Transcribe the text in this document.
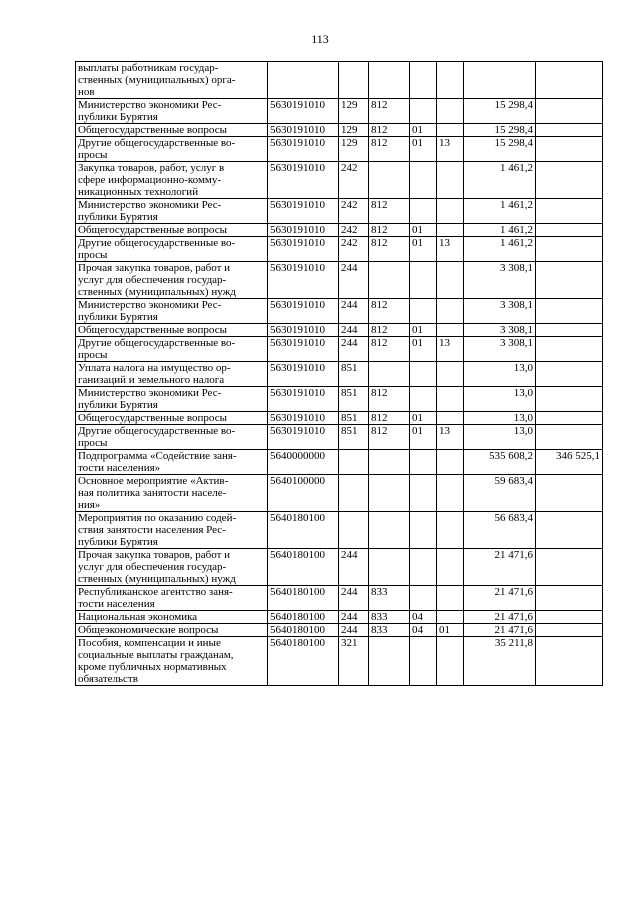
113
выплаты работникам государ-
ственных (муниципальных) орга-
нов							
Министерство экономики Рес-
публики Бурятия	5630191010	129	812			15 298,4	
Общегосударственные вопросы	5630191010	129	812	01		15 298,4	
Другие общегосударственные во-
просы	5630191010	129	812	01	13	15 298,4	
Закупка товаров, работ, услуг в
сфере информационно-комму-
никационных технологий	5630191010	242				1 461,2	
Министерство экономики Рес-
публики Бурятия	5630191010	242	812			1 461,2	
Общегосударственные вопросы	5630191010	242	812	01		1 461,2	
Другие общегосударственные во-
просы	5630191010	242	812	01	13	1 461,2	
Прочая закупка товаров, работ и
услуг для обеспечения государ-
ственных (муниципальных) нужд	5630191010	244				3 308,1	
Министерство экономики Рес-
публики Бурятия	5630191010	244	812			3 308,1	
Общегосударственные вопросы	5630191010	244	812	01		3 308,1	
Другие общегосударственные во-
просы	5630191010	244	812	01	13	3 308,1	
Уплата налога на имущество ор-
ганизаций и земельного налога	5630191010	851				13,0	
Министерство экономики Рес-
публики Бурятия	5630191010	851	812			13,0	
Общегосударственные вопросы	5630191010	851	812	01		13,0	
Другие общегосударственные во-
просы	5630191010	851	812	01	13	13,0	
Подпрограмма «Содействие заня-
тости населения»	5640000000					535 608,2	346 525,1
Основное мероприятие «Актив-
ная политика занятости населе-
ния»	5640100000					59 683,4	
Мероприятия по оказанию содей-
ствия занятости населения Рес-
публики Бурятия	5640180100					56 683,4	
Прочая закупка товаров, работ и
услуг для обеспечения государ-
ственных (муниципальных) нужд	5640180100	244				21 471,6	
Республиканское агентство заня-
тости населения	5640180100	244	833			21 471,6	
Национальная экономика	5640180100	244	833	04		21 471,6	
Общеэкономические вопросы	5640180100	244	833	04	01	21 471,6	
Пособия, компенсации и иные
социальные выплаты гражданам,
кроме публичных нормативных
обязательств	5640180100	321				35 211,8	
